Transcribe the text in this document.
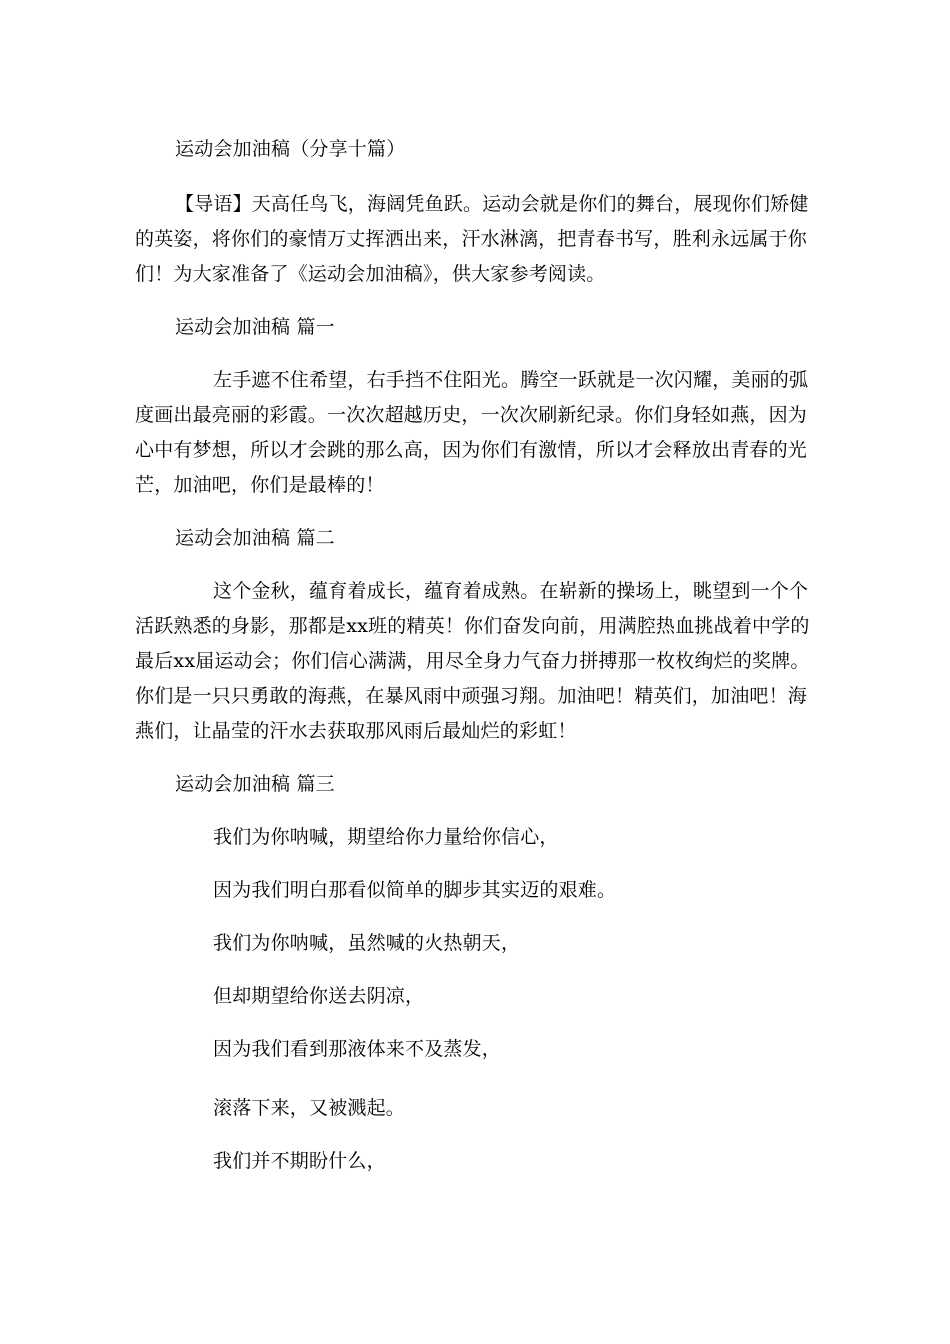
运动会加油稿（分享十篇）
【导语】天高任鸟飞，海阔凭鱼跃。运动会就是你们的舞台，展现你们矫健
的英姿，将你们的豪情万丈挥洒出来，汗水淋漓，把青春书写，胜利永远属于你
们！为大家准备了《运动会加油稿》，供大家参考阅读。
运动会加油稿 篇一
左手遮不住希望，右手挡不住阳光。腾空一跃就是一次闪耀，美丽的弧
度画出最亮丽的彩霞。一次次超越历史，一次次刷新纪录。你们身轻如燕，因为
心中有梦想，所以才会跳的那么高，因为你们有激情，所以才会释放出青春的光
芒，加油吧，你们是最棒的！
运动会加油稿 篇二
这个金秋，蕴育着成长，蕴育着成熟。在崭新的操场上，眺望到一个个
活跃熟悉的身影，那都是xx班的精英！你们奋发向前，用满腔热血挑战着中学的
最后xx届运动会；你们信心满满，用尽全身力气奋力拼搏那一枚枚绚烂的奖牌。
你们是一只只勇敢的海燕，在暴风雨中顽强习翔。加油吧！精英们，加油吧！海
燕们，让晶莹的汗水去获取那风雨后最灿烂的彩虹！
运动会加油稿 篇三
我们为你呐喊，期望给你力量给你信心，
因为我们明白那看似简单的脚步其实迈的艰难。
我们为你呐喊，虽然喊的火热朝天，
但却期望给你送去阴凉，
因为我们看到那液体来不及蒸发，
滚落下来，又被溅起。
我们并不期盼什么，
